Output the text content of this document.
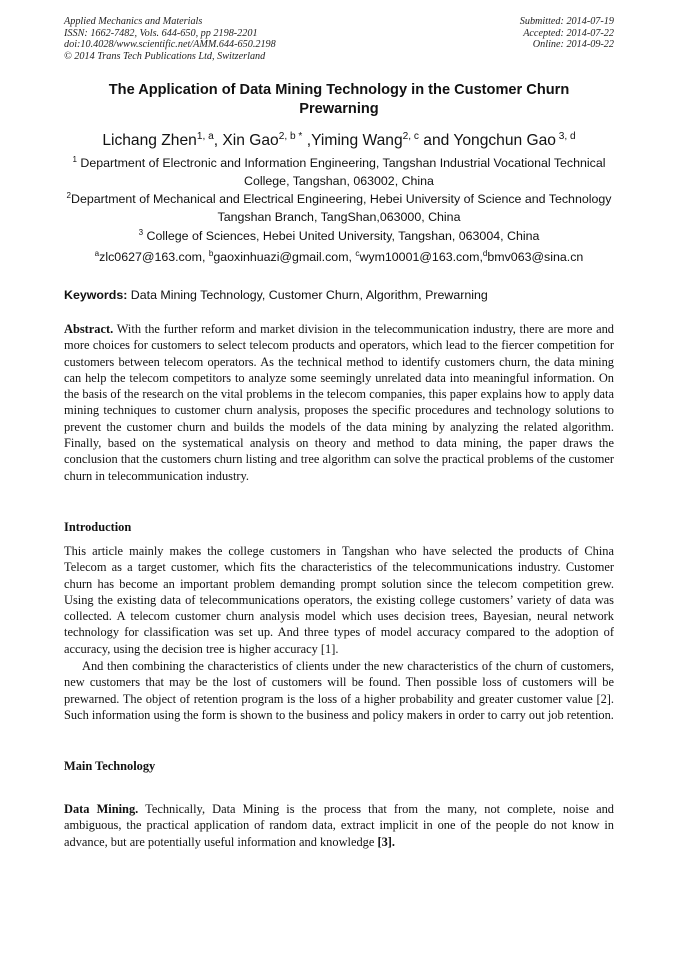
Applied Mechanics and Materials
ISSN: 1662-7482, Vols. 644-650, pp 2198-2201
doi:10.4028/www.scientific.net/AMM.644-650.2198
© 2014 Trans Tech Publications Ltd, Switzerland
Submitted: 2014-07-19
Accepted: 2014-07-22
Online: 2014-09-22
The Application of Data Mining Technology in the Customer Churn Prewarning
Lichang Zhen$^{1, a}$, Xin Gao$^{2, b *}$ ,Yiming Wang$^{2, c}$ and Yongchun Gao $^{3, d}$
$^1$ Department of Electronic and Information Engineering, Tangshan Industrial Vocational Technical College, Tangshan, 063002, China
$^2$Department of Mechanical and Electrical Engineering, Hebei University of Science and Technology Tangshan Branch, TangShan,063000, China
$^3$ College of Sciences, Hebei United University, Tangshan, 063004, China
$^a$zlc0627@163.com, $^b$gaoxinhuazi@gmail.com, $^c$wym10001@163.com,$^d$bmv063@sina.cn
Keywords: Data Mining Technology, Customer Churn, Algorithm, Prewarning
Abstract. With the further reform and market division in the telecommunication industry, there are more and more choices for customers to select telecom products and operators, which lead to the fiercer competition for customers between telecom operators. As the technical method to identify customers churn, the data mining can help the telecom competitors to analyze some seemingly unrelated data into meaningful information. On the basis of the research on the vital problems in the telecom companies, this paper explains how to apply data mining techniques to customer churn analysis, proposes the specific procedures and technology solutions to prevent the customer churn and builds the models of the data mining by analyzing the related algorithm. Finally, based on the systematical analysis on theory and method to data mining, the paper draws the conclusion that the customers churn listing and tree algorithm can solve the practical problems of the customer churn in telecommunication industry.
Introduction
This article mainly makes the college customers in Tangshan who have selected the products of China Telecom as a target customer, which fits the characteristics of the telecommunications industry. Customer churn has become an important problem demanding prompt solution since the telecom competition grew. Using the existing data of telecommunications operators, the existing college customers’ variety of data was collected. A telecom customer churn analysis model which uses decision trees, Bayesian, neural network technology for classification was set up. And three types of model accuracy compared to the adoption of accuracy, using the decision tree is higher accuracy [1].
And then combining the characteristics of clients under the new characteristics of the churn of customers, new customers that may be the lost of customers will be found. Then possible loss of customers will be prewarned. The object of retention program is the loss of a higher probability and greater customer value [2]. Such information using the form is shown to the business and policy makers in order to carry out job retention.
Main Technology
Data Mining. Technically, Data Mining is the process that from the many, not complete, noise and ambiguous, the practical application of random data, extract implicit in one of the people do not know in advance, but are potentially useful information and knowledge [3].
